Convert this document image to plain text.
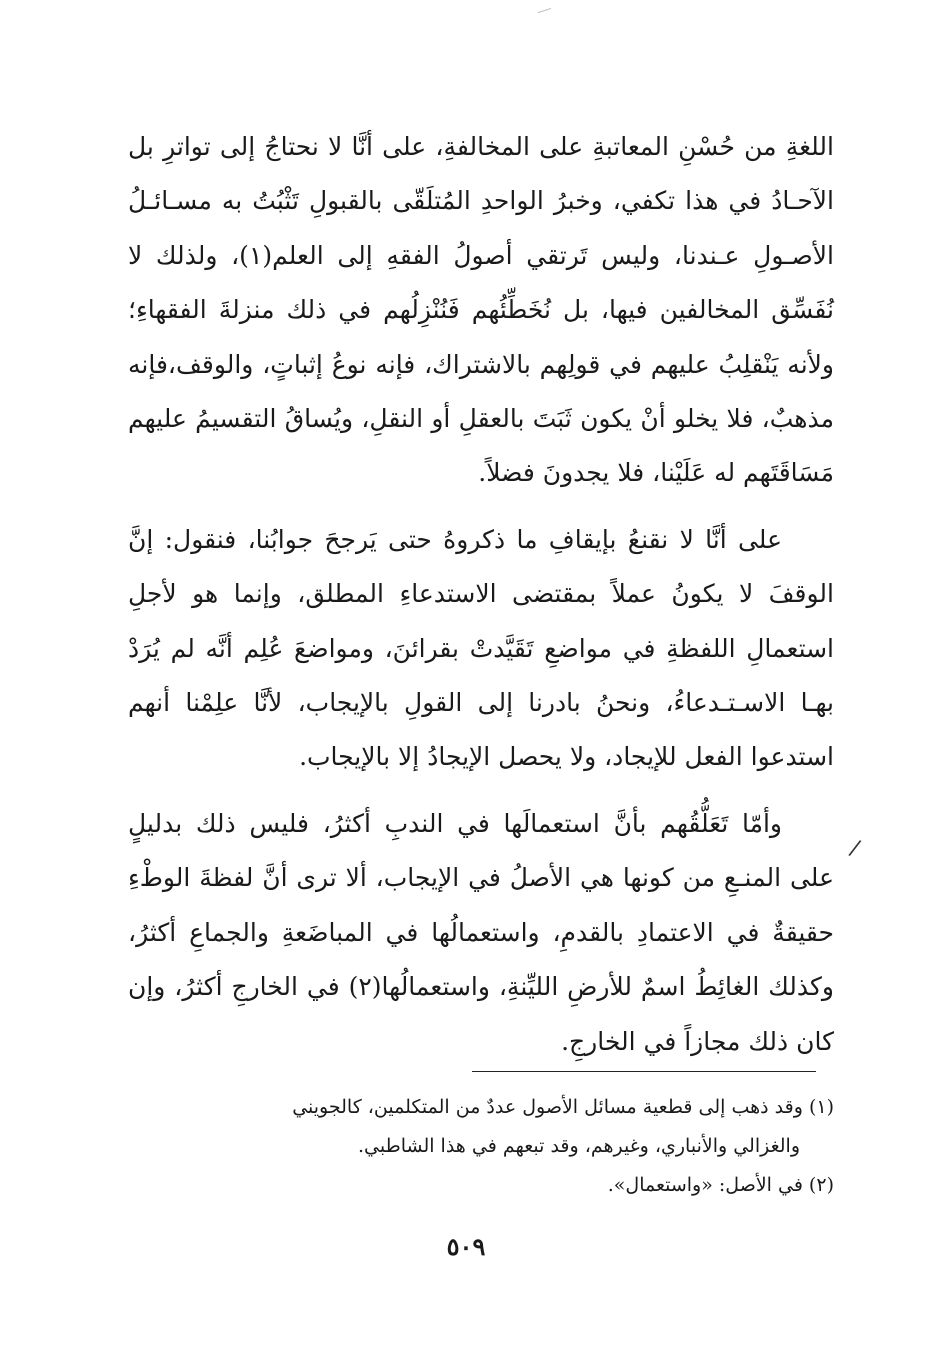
اللغةِ من حُسْنِ المعاتبةِ على المخالفةِ، على أنَّا لا نحتاجُ إلى تواترِ بل الآحـادُ في هذا تكفي، وخبرُ الواحدِ المُتلَقّى بالقبولِ تَثْبُتُ به مسـائـلُ الأصـولِ عـندنا، وليس تَرتقي أصولُ الفقهِ إلى العلم(١)، ولذلك لا نُفَسِّق المخالفين فيها، بل نُخَطِّئُهم فَنُنْزِلُهم في ذلك منزلةَ الفقهاءِ؛ ولأنه يَنْقلِبُ عليهم في قولِهم بالاشتراك، فإنه نوعُ إثباتٍ، والوقف،فإنه مذهبٌ، فلا يخلو أنْ يكون ثَبَتَ بالعقلِ أو النقلِ، ويُساقُ التقسيمُ عليهم مَسَاقَتَهم له عَلَيْنا، فلا يجدونَ فضلاً.

على أنَّا لا نقنعُ بإيقافِ ما ذكروهُ حتى يَرجحَ جوابُنا، فنقول: إنَّ الوقفَ لا يكونُ عملاً بمقتضى الاستدعاءِ المطلق، وإنما هو لأجلِ استعمالِ اللفظةِ في مواضعِ تَقَيَّدتْ بقرائنَ، ومواضعَ عُلِم أنَّه لم يُرَدْ بهـا الاسـتـدعاءُ، ونحنُ بادرنا إلى القولِ بالإيجاب، لأنَّا علِمْنا أنهم استدعوا الفعل للإيجاد، ولا يحصل الإيجادُ إلا بالإيجاب.

وأمّا تَعَلُّقُهم بأنَّ استعمالَها في الندبِ أكثرُ، فليس ذلك بدليلٍ على المنـعِ من كونها هي الأصلُ في الإيجاب، ألا ترى أنَّ لفظةَ الوطْءِ حقيقةٌ في الاعتمادِ بالقدمِ، واستعمالُها في المباضَعةِ والجماعِ أكثرُ، وكذلك الغائِطُ اسمٌ للأرضِ الليِّنةِ، واستعمالُها(٢) في الخارجِ أكثرُ، وإن كان ذلك مجازاً في الخارجِ.

/

(١) وقد ذهب إلى قطعية مسائل الأصول عددٌ من المتكلمين، كالجويني

والغزالي والأنباري، وغيرهم، وقد تبعهم في هذا الشاطبي.

(٢) في الأصل: «واستعمال».

٥٠٩
